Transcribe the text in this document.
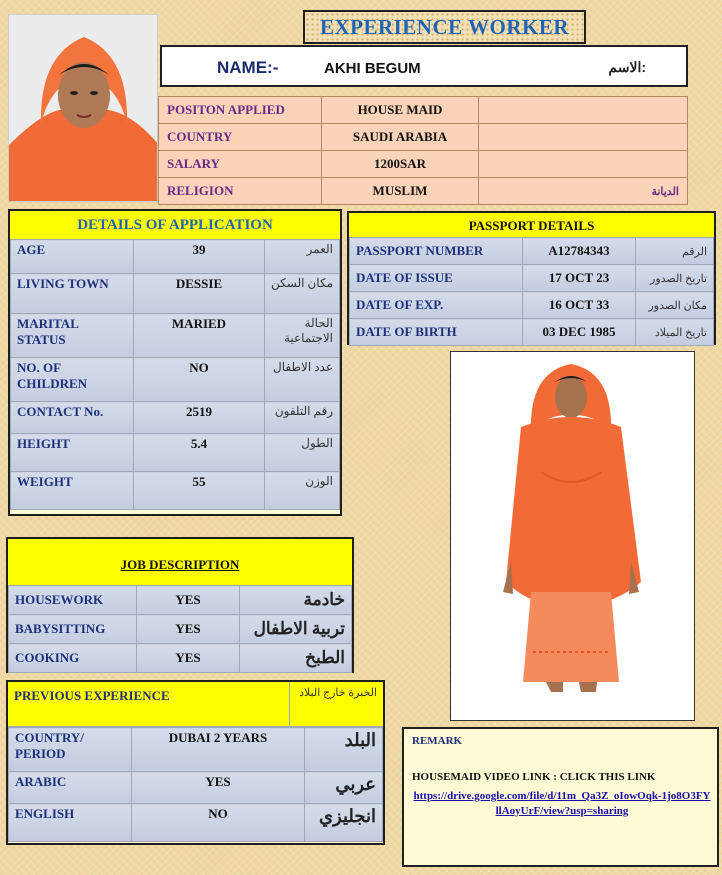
EXPERIENCE WORKER
NAME:-	AKHI BEGUM	الاسم:
POSITON APPLIED	HOUSE MAID	
COUNTRY	SAUDI ARABIA	
SALARY	1200SAR	
RELIGION	MUSLIM	الديانة
DETAILS OF APPLICATION
AGE	39	العمر
LIVING TOWN	DESSIE	مكان السكن
MARITAL STATUS	MARIED	الحالة الاجتماعية
NO. OF CHILDREN	NO	عدد الاطفال
CONTACT No.	2519	رقم التلفون
HEIGHT	5.4	الطول
WEIGHT	55	الوزن
PASSPORT DETAILS
PASSPORT NUMBER	A12784343	الرقم
DATE OF ISSUE	17 OCT 23	تاريخ الصدور
DATE OF EXP.	16 OCT 33	مكان الصدور
DATE OF BIRTH	03 DEC 1985	تاريخ الميلاد
JOB DESCRIPTION
HOUSEWORK	YES	خادمة
BABYSITTING	YES	تربية الاطفال
COOKING	YES	الطبخ
PREVIOUS EXPERIENCE	الخبرة خارج البلاد
COUNTRY/ PERIOD	DUBAI 2 YEARS	البلد
ARABIC	YES	عربي
ENGLISH	NO	انجليزي
REMARK
HOUSEMAID VIDEO LINK : CLICK THIS LINK
https://drive.google.com/file/d/11m_Qa3Z_oIowOqk-1jo8O3FYllAoyUrF/view?usp=sharing
